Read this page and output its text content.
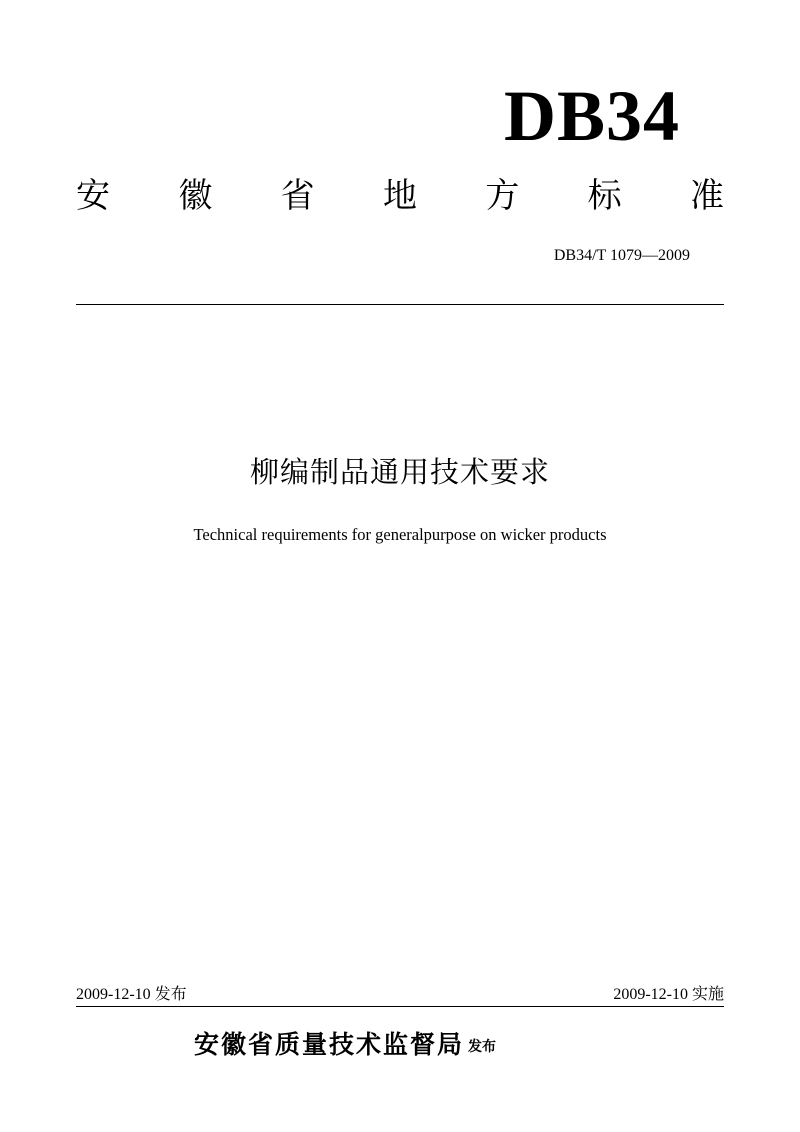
DB34
安 徽 省 地 方 标 准
DB34/T 1079—2009
柳编制品通用技术要求
Technical requirements for generalpurpose on wicker products
2009-12-10 发布	2009-12-10 实施
安徽省质量技术监督局 发布
